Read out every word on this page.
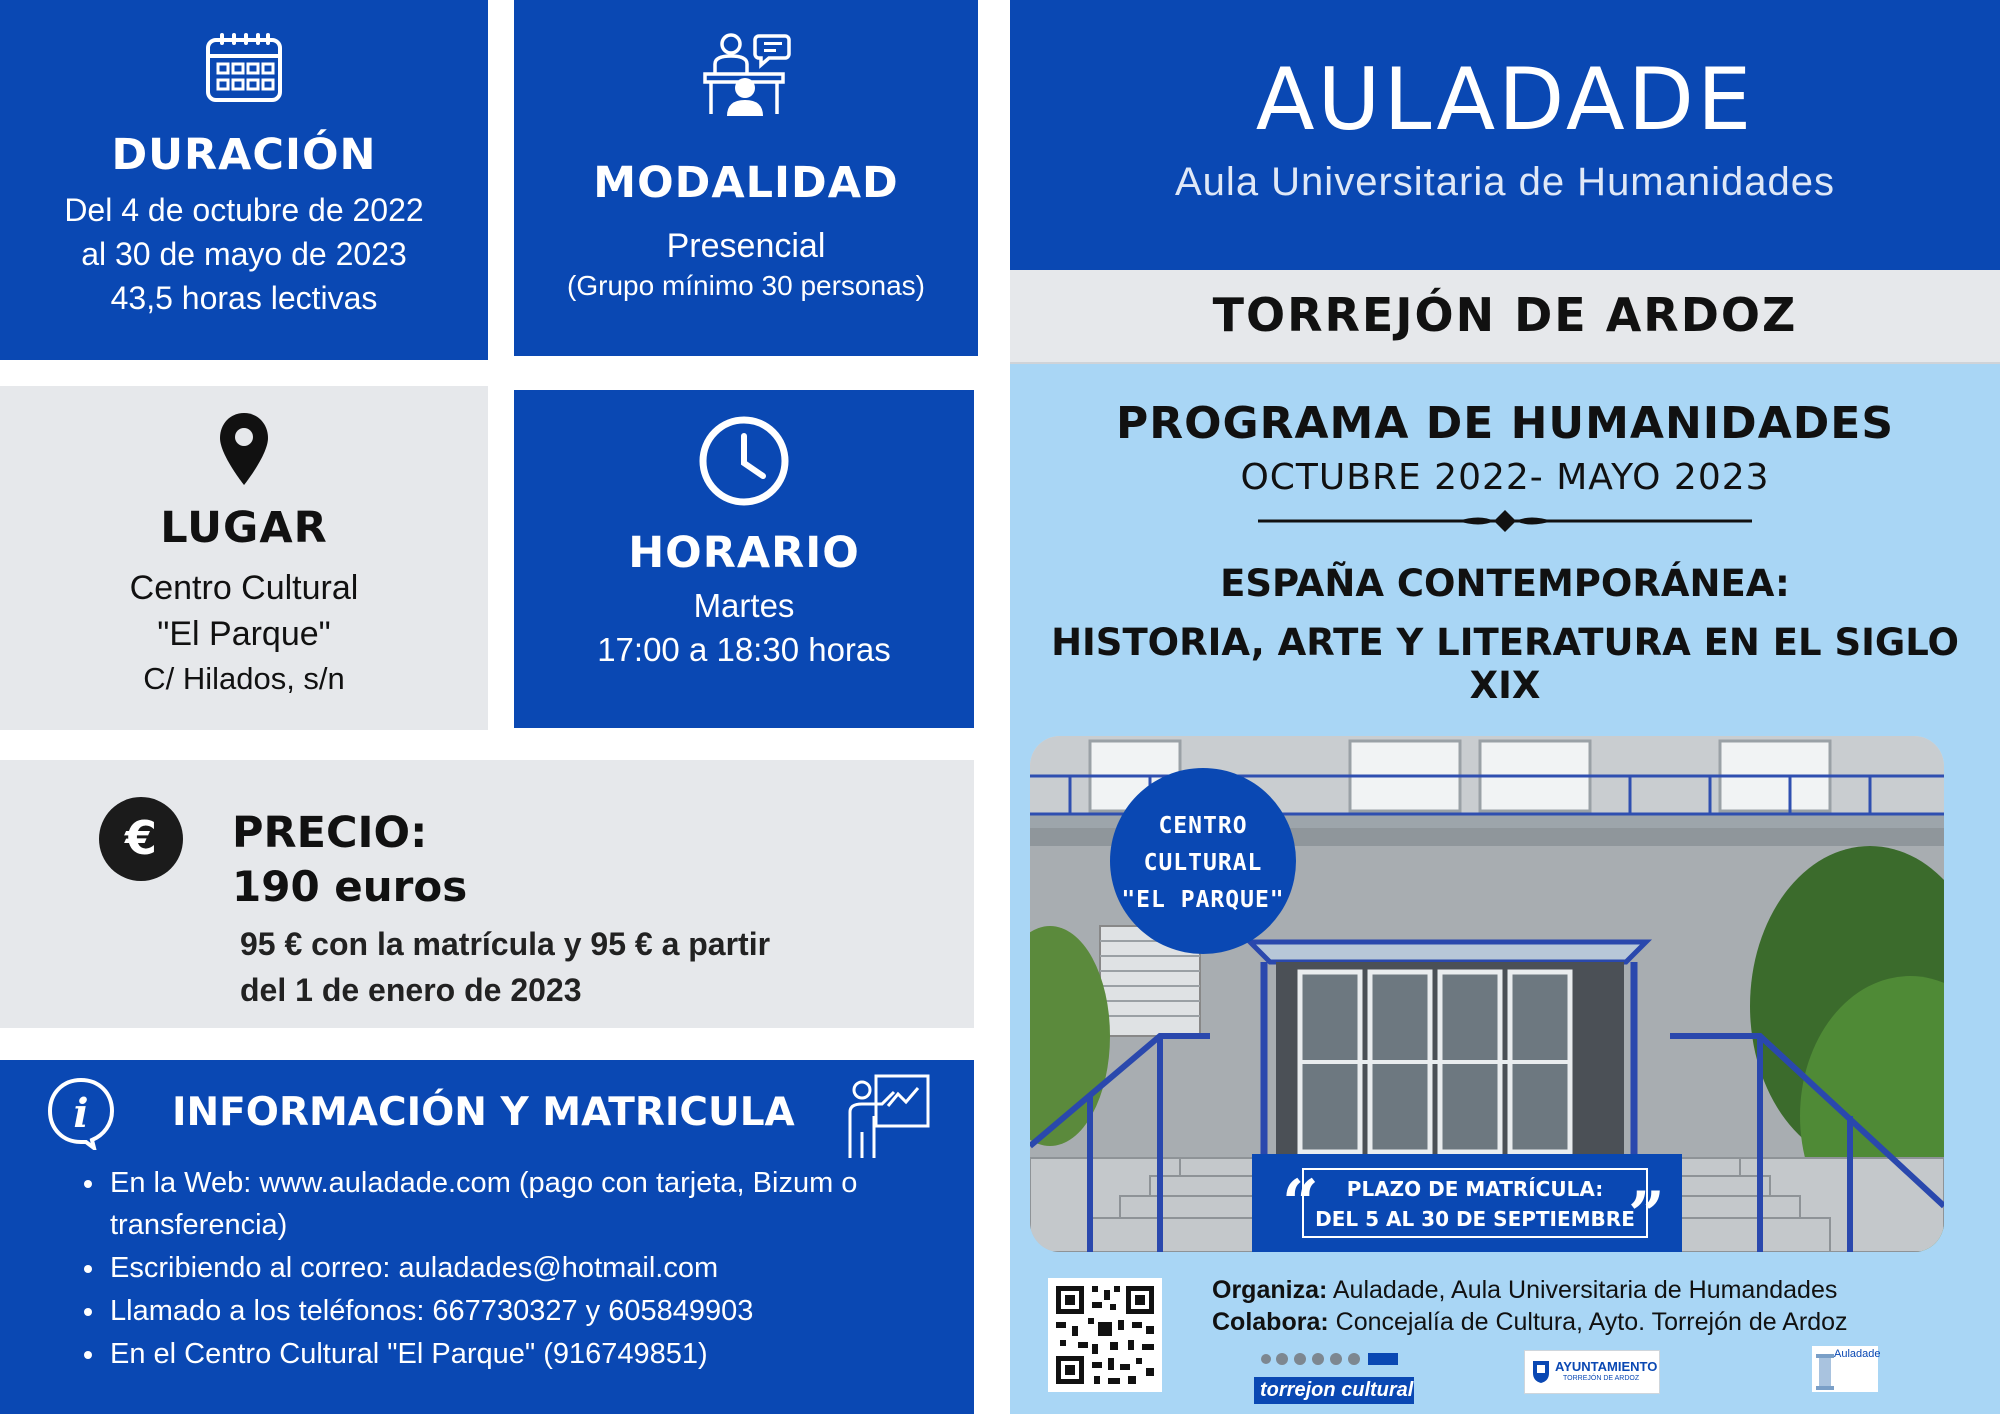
DURACIÓN
Del 4 de octubre de 2022
al 30 de mayo de 2023
43,5 horas lectivas
MODALIDAD
Presencial
(Grupo mínimo 30 personas)
LUGAR
Centro Cultural
"El Parque"
C/ Hilados, s/n
HORARIO
Martes
17:00 a 18:30 horas
€ PRECIO:
190 euros
95 € con la matrícula y 95 € a partir
del 1 de enero de 2023
i INFORMACIÓN Y MATRICULA
En la Web: www.auladade.com (pago con tarjeta, Bizum o transferencia)
Escribiendo al correo: auladades@hotmail.com
Llamado a los teléfonos: 667730327 y 605849903
En el Centro Cultural "El Parque" (916749851)
AULADADE
Aula Universitaria de Humanidades
TORREJÓN DE ARDOZ
PROGRAMA DE HUMANIDADES
OCTUBRE 2022- MAYO 2023
ESPAÑA CONTEMPORÁNEA:
HISTORIA, ARTE Y LITERATURA EN EL SIGLO XIX
CENTRO
CULTURAL
"EL PARQUE"
“	”
PLAZO DE MATRÍCULA:
DEL 5 AL 30 DE SEPTIEMBRE
Organiza: Auladade, Aula Universitaria de Humandades
Colabora: Concejalía de Cultura, Ayto. Torrejón de Ardoz
torrejon cultural
AYUNTAMIENTO
TORREJÓN DE ARDOZ
Auladade
